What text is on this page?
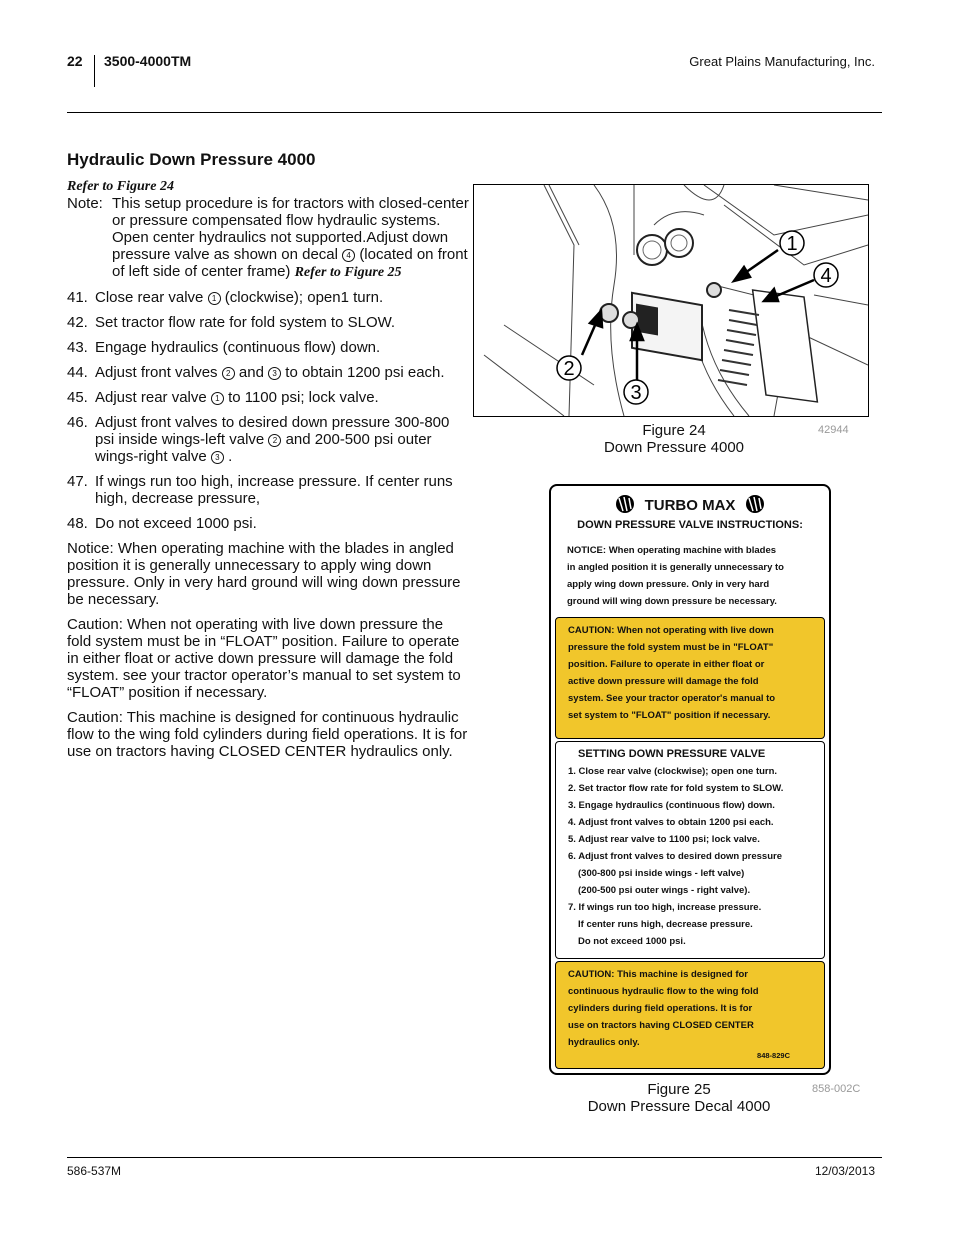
22 3500-4000TM	Great Plains Manufacturing, Inc.
Hydraulic Down Pressure 4000
Refer to Figure 24
Note: This setup procedure is for tractors with closed-center or pressure compensated flow hydraulic systems. Open center hydraulics not supported.Adjust down pressure valve as shown on decal 4 (located on front of left side of center frame) Refer to Figure 25
41. Close rear valve 1 (clockwise); open1 turn.
42. Set tractor flow rate for fold system to SLOW.
43. Engage hydraulics (continuous flow) down.
44. Adjust front valves 2 and 3 to obtain 1200 psi each.
45. Adjust rear valve 1 to 1100 psi; lock valve.
46. Adjust front valves to desired down pressure 300-800 psi inside wings-left valve 2 and 200-500 psi outer wings-right valve 3 .
47. If wings run too high, increase pressure. If center runs high, decrease pressure,
48. Do not exceed 1000 psi.
Notice: When operating machine with the blades in angled position it is generally unnecessary to apply wing down pressure. Only in very hard ground will wing down pressure be necessary.
Caution: When not operating with live down pressure the fold system must be in “FLOAT” position. Failure to operate in either float or active down pressure will damage the fold system. see your tractor operator’s manual to set system to “FLOAT” position if necessary.
Caution: This machine is designed for continuous hydraulic flow to the wing fold cylinders during field operations. It is for use on tractors having CLOSED CENTER hydraulics only.
1
4
2
3
Figure 24
Down Pressure 4000
42944
TURBO MAX
DOWN PRESSURE VALVE INSTRUCTIONS:
NOTICE: When operating machine with blades
in angled position it is generally unnecessary to
apply wing down pressure. Only in very hard
ground will wing down pressure be necessary.
CAUTION: When not operating with live down
pressure the fold system must be in "FLOAT"
position. Failure to operate in either float or
active down pressure will damage the fold
system. See your tractor operator's manual to
set system to "FLOAT" position if necessary.
SETTING DOWN PRESSURE VALVE
1. Close rear valve (clockwise); open one turn.
2. Set tractor flow rate for fold system to SLOW.
3. Engage hydraulics (continuous flow) down.
4. Adjust front valves to obtain 1200 psi each.
5. Adjust rear valve to 1100 psi; lock valve.
6. Adjust front valves to desired down pressure
(300-800 psi inside wings - left valve)
(200-500 psi outer wings - right valve).
7. If wings run too high, increase pressure.
If center runs high, decrease pressure.
Do not exceed 1000 psi.
CAUTION: This machine is designed for
continuous hydraulic flow to the wing fold
cylinders during field operations. It is for
use on tractors having CLOSED CENTER
hydraulics only.
848-829C
Figure 25
Down Pressure Decal 4000
858-002C
586-537M	12/03/2013
